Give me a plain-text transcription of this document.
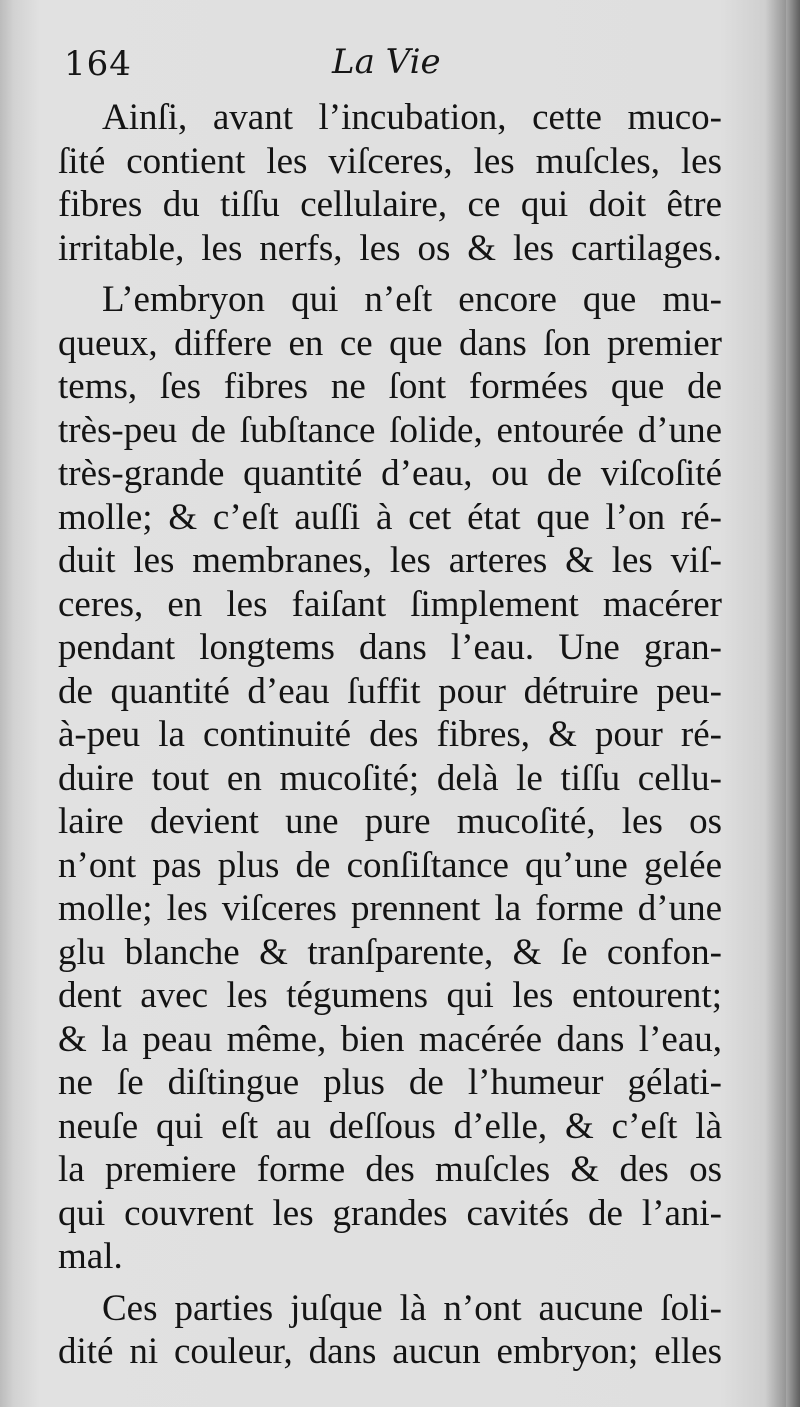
164	La Vie
Ainſi, avant l’incubation, cette muco-
ſité contient les viſceres, les muſcles, les
fibres du tiſſu cellulaire, ce qui doit être
irritable, les nerfs, les os & les cartilages.
L’embryon qui n’eſt encore que mu-
queux, differe en ce que dans ſon premier
tems, ſes fibres ne ſont formées que de
très-peu de ſubſtance ſolide, entourée d’une
très-grande quantité d’eau, ou de viſcoſité
molle; & c’eſt auſſi à cet état que l’on ré-
duit les membranes, les arteres & les viſ-
ceres, en les faiſant ſimplement macérer
pendant longtems dans l’eau. Une gran-
de quantité d’eau ſuffit pour détruire peu-
à-peu la continuité des fibres, & pour ré-
duire tout en mucoſité; delà le tiſſu cellu-
laire devient une pure mucoſité, les os
n’ont pas plus de conſiſtance qu’une gelée
molle; les viſceres prennent la forme d’une
glu blanche & tranſparente, & ſe confon-
dent avec les tégumens qui les entourent;
& la peau même, bien macérée dans l’eau,
ne ſe diſtingue plus de l’humeur gélati-
neuſe qui eſt au deſſous d’elle, & c’eſt là
la premiere forme des muſcles & des os
qui couvrent les grandes cavités de l’ani-
mal.
Ces parties juſque là n’ont aucune ſoli-
dité ni couleur, dans aucun embryon; elles
